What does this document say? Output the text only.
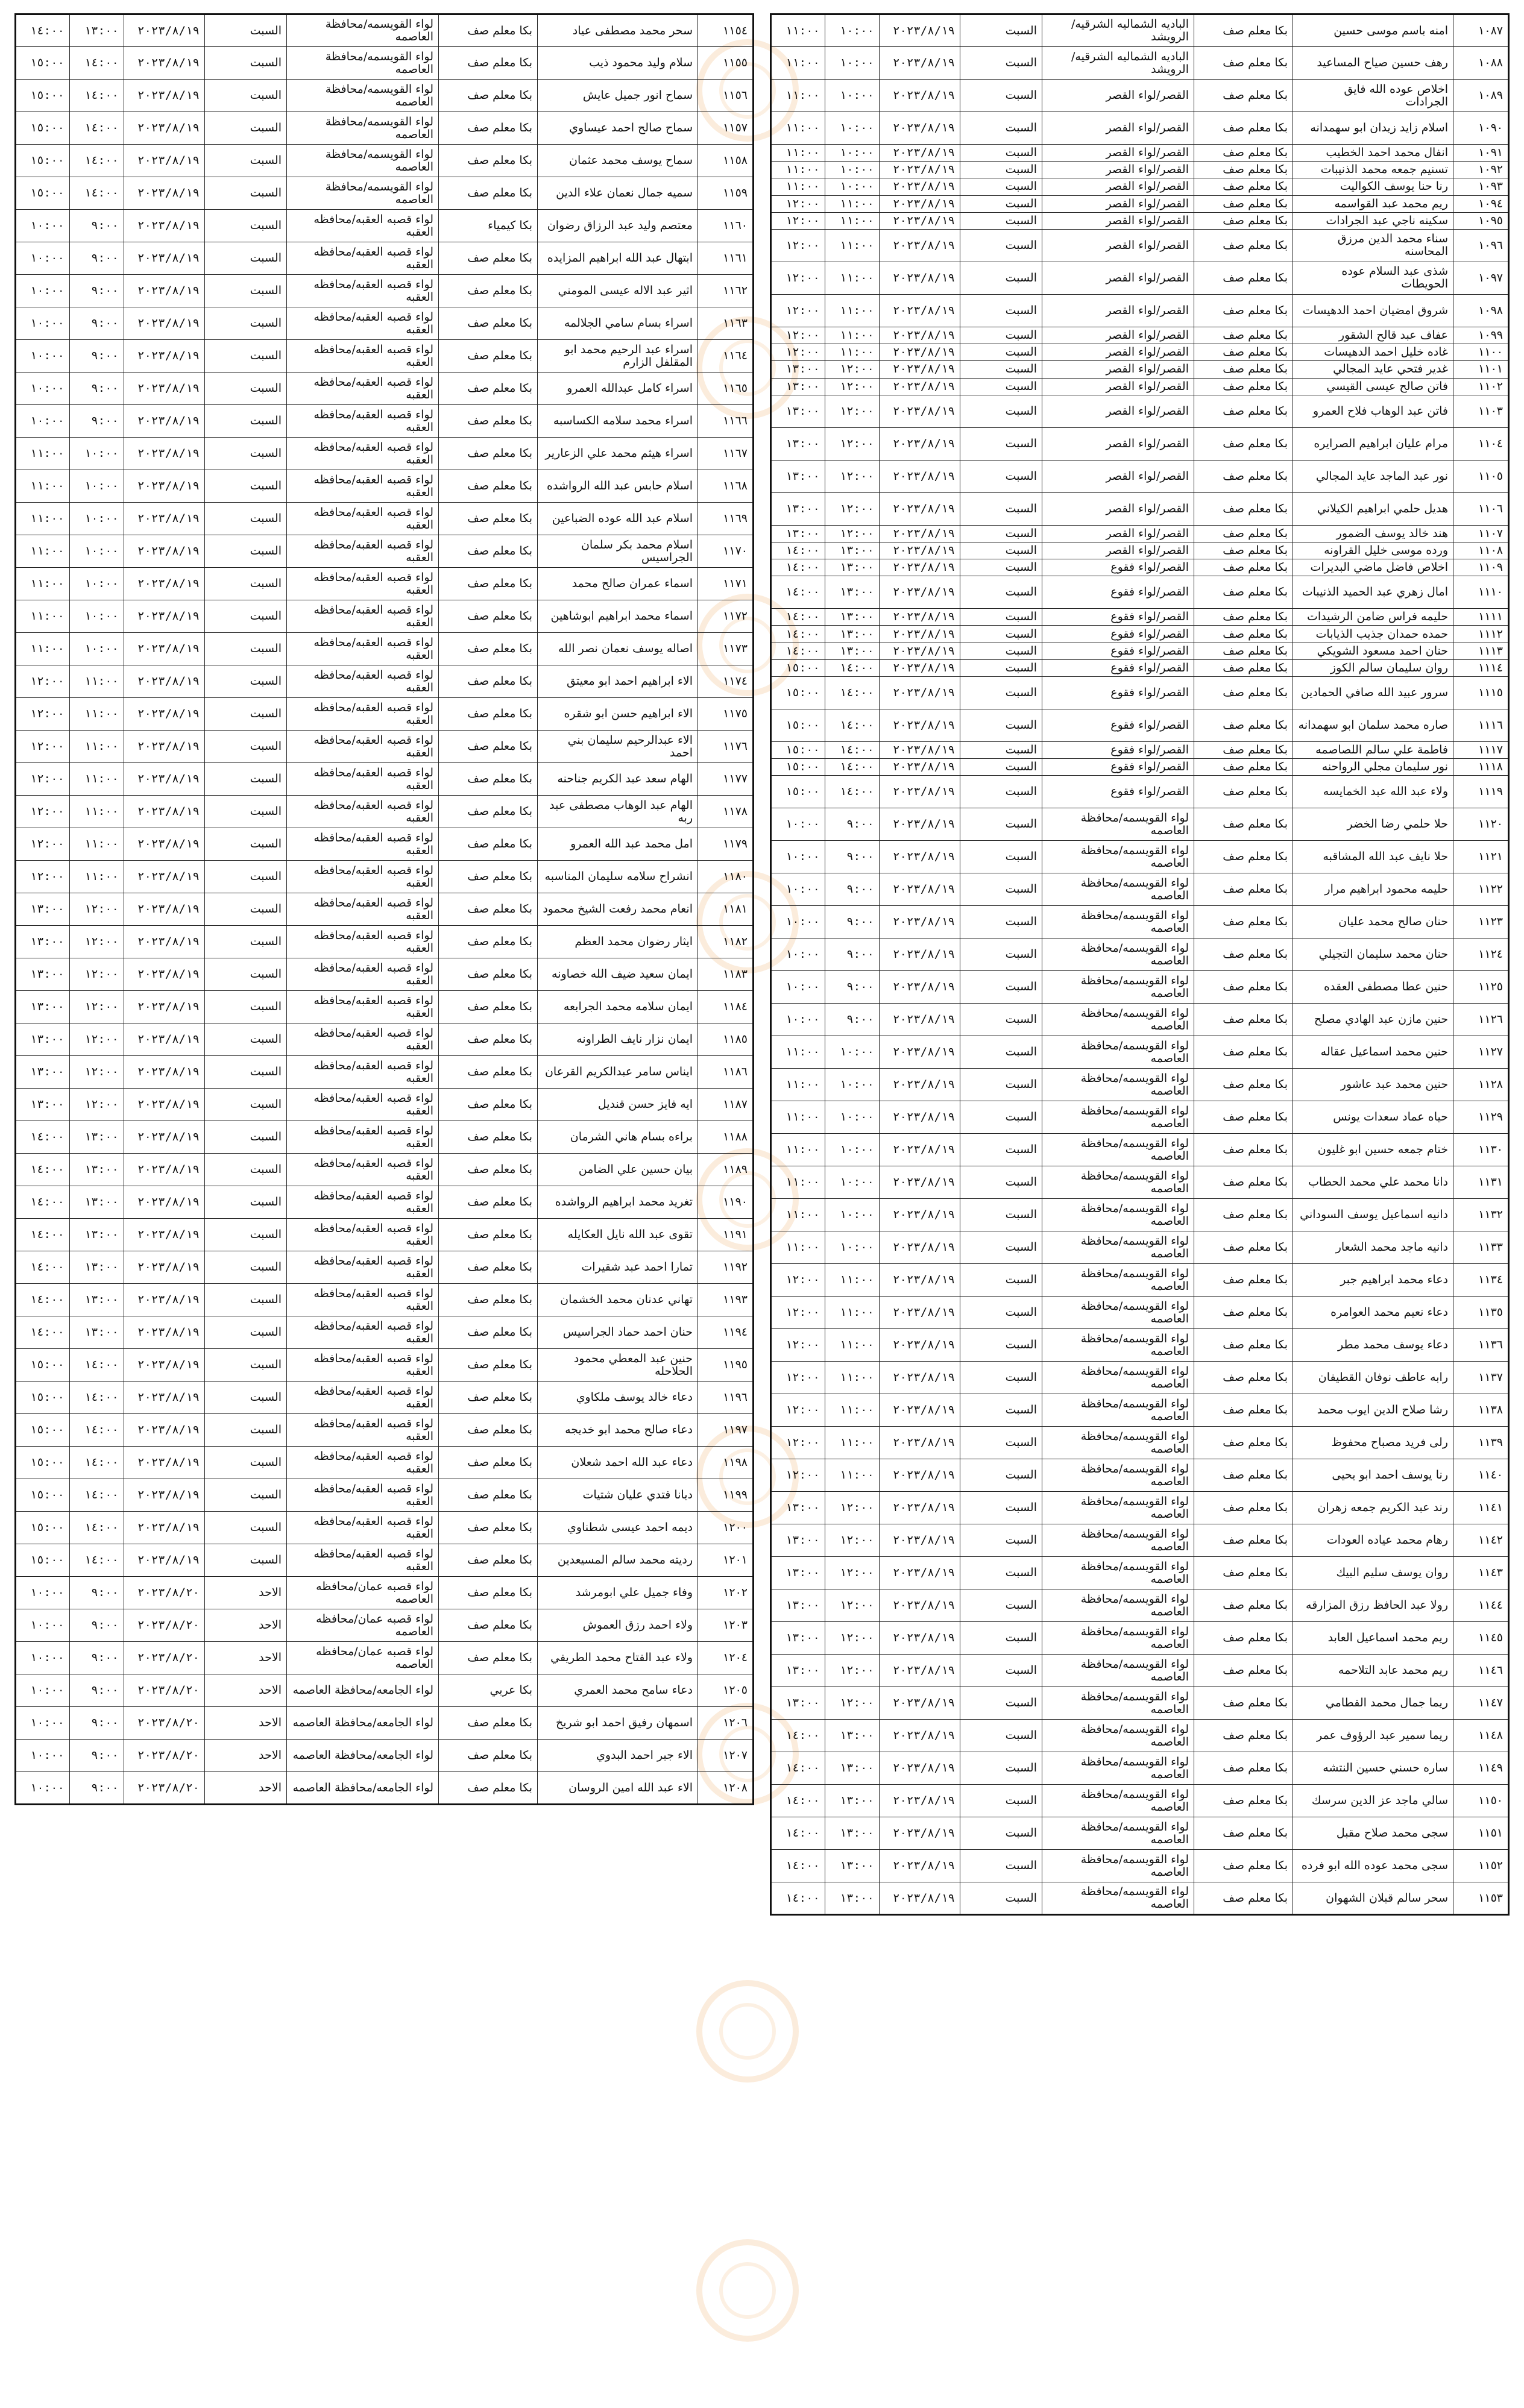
١٠٨٧	امنه باسم موسى حسين	بكا معلم صف	الباديه الشماليه الشرقيه/ الرويشد	السبت	٢٠٢٣/٨/١٩	١٠:٠٠	١١:٠٠
١٠٨٨	رهف حسين صياح المساعيد	بكا معلم صف	الباديه الشماليه الشرقيه/ الرويشد	السبت	٢٠٢٣/٨/١٩	١٠:٠٠	١١:٠٠
١٠٨٩	اخلاص عوده الله فايق الجرادات	بكا معلم صف	القصر/لواء القصر	السبت	٢٠٢٣/٨/١٩	١٠:٠٠	١١:٠٠
١٠٩٠	اسلام زايد زيدان ابو سهمدانه	بكا معلم صف	القصر/لواء القصر	السبت	٢٠٢٣/٨/١٩	١٠:٠٠	١١:٠٠
١٠٩١	انفال محمد احمد الخطيب	بكا معلم صف	القصر/لواء القصر	السبت	٢٠٢٣/٨/١٩	١٠:٠٠	١١:٠٠
١٠٩٢	تسنيم جمعه محمد الذنيبات	بكا معلم صف	القصر/لواء القصر	السبت	٢٠٢٣/٨/١٩	١٠:٠٠	١١:٠٠
١٠٩٣	رنا حنا يوسف الكواليت	بكا معلم صف	القصر/لواء القصر	السبت	٢٠٢٣/٨/١٩	١٠:٠٠	١١:٠٠
١٠٩٤	ريم محمد عبد القواسمه	بكا معلم صف	القصر/لواء القصر	السبت	٢٠٢٣/٨/١٩	١١:٠٠	١٢:٠٠
١٠٩٥	سكينه ناجي عبد الجرادات	بكا معلم صف	القصر/لواء القصر	السبت	٢٠٢٣/٨/١٩	١١:٠٠	١٢:٠٠
١٠٩٦	سناء محمد الدين مرزق المحاسنه	بكا معلم صف	القصر/لواء القصر	السبت	٢٠٢٣/٨/١٩	١١:٠٠	١٢:٠٠
١٠٩٧	شذى عبد السلام عوده الحويطات	بكا معلم صف	القصر/لواء القصر	السبت	٢٠٢٣/٨/١٩	١١:٠٠	١٢:٠٠
١٠٩٨	شروق امضيان احمد الدهيسات	بكا معلم صف	القصر/لواء القصر	السبت	٢٠٢٣/٨/١٩	١١:٠٠	١٢:٠٠
١٠٩٩	عفاف عبد قالح الشقور	بكا معلم صف	القصر/لواء القصر	السبت	٢٠٢٣/٨/١٩	١١:٠٠	١٢:٠٠
١١٠٠	غاده خليل احمد الدهيسات	بكا معلم صف	القصر/لواء القصر	السبت	٢٠٢٣/٨/١٩	١١:٠٠	١٢:٠٠
١١٠١	غدير فتحي عايد المجالي	بكا معلم صف	القصر/لواء القصر	السبت	٢٠٢٣/٨/١٩	١٢:٠٠	١٣:٠٠
١١٠٢	فاتن صالح عيسى القيسي	بكا معلم صف	القصر/لواء القصر	السبت	٢٠٢٣/٨/١٩	١٢:٠٠	١٣:٠٠
١١٠٣	فاتن عبد الوهاب فلاح العمرو	بكا معلم صف	القصر/لواء القصر	السبت	٢٠٢٣/٨/١٩	١٢:٠٠	١٣:٠٠
١١٠٤	مرام عليان ابراهيم الصرايره	بكا معلم صف	القصر/لواء القصر	السبت	٢٠٢٣/٨/١٩	١٢:٠٠	١٣:٠٠
١١٠٥	نور عبد الماجد عايد المجالي	بكا معلم صف	القصر/لواء القصر	السبت	٢٠٢٣/٨/١٩	١٢:٠٠	١٣:٠٠
١١٠٦	هديل حلمي ابراهيم الكيلاني	بكا معلم صف	القصر/لواء القصر	السبت	٢٠٢٣/٨/١٩	١٢:٠٠	١٣:٠٠
١١٠٧	هند خالد يوسف الضمور	بكا معلم صف	القصر/لواء القصر	السبت	٢٠٢٣/٨/١٩	١٢:٠٠	١٣:٠٠
١١٠٨	ورده موسى خليل القراونه	بكا معلم صف	القصر/لواء القصر	السبت	٢٠٢٣/٨/١٩	١٣:٠٠	١٤:٠٠
١١٠٩	اخلاص فاضل ماضي البديرات	بكا معلم صف	القصر/لواء فقوع	السبت	٢٠٢٣/٨/١٩	١٣:٠٠	١٤:٠٠
١١١٠	امال زهري عبد الحميد الذنيبات	بكا معلم صف	القصر/لواء فقوع	السبت	٢٠٢٣/٨/١٩	١٣:٠٠	١٤:٠٠
١١١١	حليمه فراس ضامن الرشيدات	بكا معلم صف	القصر/لواء فقوع	السبت	٢٠٢٣/٨/١٩	١٣:٠٠	١٤:٠٠
١١١٢	حمده حمدان جذيب الذيابات	بكا معلم صف	القصر/لواء فقوع	السبت	٢٠٢٣/٨/١٩	١٣:٠٠	١٤:٠٠
١١١٣	حنان احمد مسعود الشويكي	بكا معلم صف	القصر/لواء فقوع	السبت	٢٠٢٣/٨/١٩	١٣:٠٠	١٤:٠٠
١١١٤	روان سليمان سالم الكوز	بكا معلم صف	القصر/لواء فقوع	السبت	٢٠٢٣/٨/١٩	١٤:٠٠	١٥:٠٠
١١١٥	سرور عبيد الله صافي الحمادين	بكا معلم صف	القصر/لواء فقوع	السبت	٢٠٢٣/٨/١٩	١٤:٠٠	١٥:٠٠
١١١٦	صاره محمد سلمان ابو سهمدانه	بكا معلم صف	القصر/لواء فقوع	السبت	٢٠٢٣/٨/١٩	١٤:٠٠	١٥:٠٠
١١١٧	فاطمة علي سالم اللصاصمه	بكا معلم صف	القصر/لواء فقوع	السبت	٢٠٢٣/٨/١٩	١٤:٠٠	١٥:٠٠
١١١٨	نور سليمان مجلي الرواحنه	بكا معلم صف	القصر/لواء فقوع	السبت	٢٠٢٣/٨/١٩	١٤:٠٠	١٥:٠٠
١١١٩	ولاء عبد الله عبد الخمايسه	بكا معلم صف	القصر/لواء فقوع	السبت	٢٠٢٣/٨/١٩	١٤:٠٠	١٥:٠٠
١١٢٠	حلا حلمي رضا الخضر	بكا معلم صف	لواء القويسمه/محافظة العاصمه	السبت	٢٠٢٣/٨/١٩	٩:٠٠	١٠:٠٠
١١٢١	حلا نايف عبد الله المشاقبه	بكا معلم صف	لواء القويسمه/محافظة العاصمه	السبت	٢٠٢٣/٨/١٩	٩:٠٠	١٠:٠٠
١١٢٢	حليمه محمود ابراهيم مرار	بكا معلم صف	لواء القويسمه/محافظة العاصمه	السبت	٢٠٢٣/٨/١٩	٩:٠٠	١٠:٠٠
١١٢٣	حنان صالح محمد عليان	بكا معلم صف	لواء القويسمه/محافظة العاصمه	السبت	٢٠٢٣/٨/١٩	٩:٠٠	١٠:٠٠
١١٢٤	حنان محمد سليمان التجيلي	بكا معلم صف	لواء القويسمه/محافظة العاصمه	السبت	٢٠٢٣/٨/١٩	٩:٠٠	١٠:٠٠
١١٢٥	حنين عطا مصطفى العقده	بكا معلم صف	لواء القويسمه/محافظة العاصمه	السبت	٢٠٢٣/٨/١٩	٩:٠٠	١٠:٠٠
١١٢٦	حنين مازن عبد الهادي مصلح	بكا معلم صف	لواء القويسمه/محافظة العاصمه	السبت	٢٠٢٣/٨/١٩	٩:٠٠	١٠:٠٠
١١٢٧	حنين محمد اسماعيل عقاله	بكا معلم صف	لواء القويسمه/محافظة العاصمه	السبت	٢٠٢٣/٨/١٩	١٠:٠٠	١١:٠٠
١١٢٨	حنين محمد عبد عاشور	بكا معلم صف	لواء القويسمه/محافظة العاصمه	السبت	٢٠٢٣/٨/١٩	١٠:٠٠	١١:٠٠
١١٢٩	حياه عماد سعدات يونس	بكا معلم صف	لواء القويسمه/محافظة العاصمه	السبت	٢٠٢٣/٨/١٩	١٠:٠٠	١١:٠٠
١١٣٠	ختام جمعه حسين ابو غليون	بكا معلم صف	لواء القويسمه/محافظة العاصمه	السبت	٢٠٢٣/٨/١٩	١٠:٠٠	١١:٠٠
١١٣١	دانا محمد علي محمد الحطاب	بكا معلم صف	لواء القويسمه/محافظة العاصمه	السبت	٢٠٢٣/٨/١٩	١٠:٠٠	١١:٠٠
١١٣٢	دانيه اسماعيل يوسف السوداني	بكا معلم صف	لواء القويسمه/محافظة العاصمه	السبت	٢٠٢٣/٨/١٩	١٠:٠٠	١١:٠٠
١١٣٣	دانيه ماجد محمد الشعار	بكا معلم صف	لواء القويسمه/محافظة العاصمه	السبت	٢٠٢٣/٨/١٩	١٠:٠٠	١١:٠٠
١١٣٤	دعاء محمد ابراهيم جبر	بكا معلم صف	لواء القويسمه/محافظة العاصمه	السبت	٢٠٢٣/٨/١٩	١١:٠٠	١٢:٠٠
١١٣٥	دعاء نعيم محمد العوامره	بكا معلم صف	لواء القويسمه/محافظة العاصمه	السبت	٢٠٢٣/٨/١٩	١١:٠٠	١٢:٠٠
١١٣٦	دعاء يوسف محمد مطر	بكا معلم صف	لواء القويسمه/محافظة العاصمه	السبت	٢٠٢٣/٨/١٩	١١:٠٠	١٢:٠٠
١١٣٧	رابه عاطف نوفان القطيفان	بكا معلم صف	لواء القويسمه/محافظة العاصمه	السبت	٢٠٢٣/٨/١٩	١١:٠٠	١٢:٠٠
١١٣٨	رشا صلاح الدين ايوب محمد	بكا معلم صف	لواء القويسمه/محافظة العاصمه	السبت	٢٠٢٣/٨/١٩	١١:٠٠	١٢:٠٠
١١٣٩	رلى فريد مصباح محفوظ	بكا معلم صف	لواء القويسمه/محافظة العاصمه	السبت	٢٠٢٣/٨/١٩	١١:٠٠	١٢:٠٠
١١٤٠	رنا يوسف احمد ابو يحيى	بكا معلم صف	لواء القويسمه/محافظة العاصمه	السبت	٢٠٢٣/٨/١٩	١١:٠٠	١٢:٠٠
١١٤١	رند عبد الكريم جمعه زهران	بكا معلم صف	لواء القويسمه/محافظة العاصمه	السبت	٢٠٢٣/٨/١٩	١٢:٠٠	١٣:٠٠
١١٤٢	رهام محمد عياده العودات	بكا معلم صف	لواء القويسمه/محافظة العاصمه	السبت	٢٠٢٣/٨/١٩	١٢:٠٠	١٣:٠٠
١١٤٣	روان يوسف سليم البيك	بكا معلم صف	لواء القويسمه/محافظة العاصمه	السبت	٢٠٢٣/٨/١٩	١٢:٠٠	١٣:٠٠
١١٤٤	رولا عبد الحافظ رزق المزارقه	بكا معلم صف	لواء القويسمه/محافظة العاصمه	السبت	٢٠٢٣/٨/١٩	١٢:٠٠	١٣:٠٠
١١٤٥	ريم محمد اسماعيل العابد	بكا معلم صف	لواء القويسمه/محافظة العاصمه	السبت	٢٠٢٣/٨/١٩	١٢:٠٠	١٣:٠٠
١١٤٦	ريم محمد عابد التلاحمه	بكا معلم صف	لواء القويسمه/محافظة العاصمه	السبت	٢٠٢٣/٨/١٩	١٢:٠٠	١٣:٠٠
١١٤٧	ريما جمال محمد القطامي	بكا معلم صف	لواء القويسمه/محافظة العاصمه	السبت	٢٠٢٣/٨/١٩	١٢:٠٠	١٣:٠٠
١١٤٨	ريما سمير عبد الرؤوف عمر	بكا معلم صف	لواء القويسمه/محافظة العاصمه	السبت	٢٠٢٣/٨/١٩	١٣:٠٠	١٤:٠٠
١١٤٩	ساره حسني حسين النتشه	بكا معلم صف	لواء القويسمه/محافظة العاصمه	السبت	٢٠٢٣/٨/١٩	١٣:٠٠	١٤:٠٠
١١٥٠	سالي ماجد عز الدين سرسك	بكا معلم صف	لواء القويسمه/محافظة العاصمه	السبت	٢٠٢٣/٨/١٩	١٣:٠٠	١٤:٠٠
١١٥١	سجى محمد صلاح مقبل	بكا معلم صف	لواء القويسمه/محافظة العاصمه	السبت	٢٠٢٣/٨/١٩	١٣:٠٠	١٤:٠٠
١١٥٢	سجى محمد عوده الله ابو فرده	بكا معلم صف	لواء القويسمه/محافظة العاصمه	السبت	٢٠٢٣/٨/١٩	١٣:٠٠	١٤:٠٠
١١٥٣	سحر سالم قبلان الشهوان	بكا معلم صف	لواء القويسمه/محافظة العاصمه	السبت	٢٠٢٣/٨/١٩	١٣:٠٠	١٤:٠٠
١١٥٤	سحر محمد مصطفى عياد	بكا معلم صف	لواء القويسمه/محافظة العاصمه	السبت	٢٠٢٣/٨/١٩	١٣:٠٠	١٤:٠٠
١١٥٥	سلام وليد محمود ذيب	بكا معلم صف	لواء القويسمه/محافظة العاصمه	السبت	٢٠٢٣/٨/١٩	١٤:٠٠	١٥:٠٠
١١٥٦	سماح انور جميل عايش	بكا معلم صف	لواء القويسمه/محافظة العاصمه	السبت	٢٠٢٣/٨/١٩	١٤:٠٠	١٥:٠٠
١١٥٧	سماح صالح احمد عيساوي	بكا معلم صف	لواء القويسمه/محافظة العاصمه	السبت	٢٠٢٣/٨/١٩	١٤:٠٠	١٥:٠٠
١١٥٨	سماح يوسف محمد عثمان	بكا معلم صف	لواء القويسمه/محافظة العاصمه	السبت	٢٠٢٣/٨/١٩	١٤:٠٠	١٥:٠٠
١١٥٩	سميه جمال نعمان علاء الدين	بكا معلم صف	لواء القويسمه/محافظة العاصمه	السبت	٢٠٢٣/٨/١٩	١٤:٠٠	١٥:٠٠
١١٦٠	معتصم وليد عبد الرزاق رضوان	بكا كيمياء	لواء قصبه العقبه/محافظه العقبه	السبت	٢٠٢٣/٨/١٩	٩:٠٠	١٠:٠٠
١١٦١	ابتهال عبد الله ابراهيم المزايده	بكا معلم صف	لواء قصبه العقبه/محافظه العقبه	السبت	٢٠٢٣/٨/١٩	٩:٠٠	١٠:٠٠
١١٦٢	اثير عبد الاله عيسى المومني	بكا معلم صف	لواء قصبه العقبه/محافظه العقبه	السبت	٢٠٢٣/٨/١٩	٩:٠٠	١٠:٠٠
١١٦٣	اسراء بسام سامي الجلالمه	بكا معلم صف	لواء قصبه العقبه/محافظه العقبه	السبت	٢٠٢٣/٨/١٩	٩:٠٠	١٠:٠٠
١١٦٤	اسراء عبد الرحيم محمد ابو المقلفل الزارم	بكا معلم صف	لواء قصبه العقبه/محافظه العقبه	السبت	٢٠٢٣/٨/١٩	٩:٠٠	١٠:٠٠
١١٦٥	اسراء كامل عبدالله العمرو	بكا معلم صف	لواء قصبه العقبه/محافظه العقبه	السبت	٢٠٢٣/٨/١٩	٩:٠٠	١٠:٠٠
١١٦٦	اسراء محمد سلامه الكساسبه	بكا معلم صف	لواء قصبه العقبه/محافظه العقبه	السبت	٢٠٢٣/٨/١٩	٩:٠٠	١٠:٠٠
١١٦٧	اسراء هيثم محمد علي الزعارير	بكا معلم صف	لواء قصبه العقبه/محافظه العقبه	السبت	٢٠٢٣/٨/١٩	١٠:٠٠	١١:٠٠
١١٦٨	اسلام حابس عبد الله الرواشده	بكا معلم صف	لواء قصبه العقبه/محافظه العقبه	السبت	٢٠٢٣/٨/١٩	١٠:٠٠	١١:٠٠
١١٦٩	اسلام عبد الله عوده الضباعين	بكا معلم صف	لواء قصبه العقبه/محافظه العقبه	السبت	٢٠٢٣/٨/١٩	١٠:٠٠	١١:٠٠
١١٧٠	اسلام محمد بكر سلمان الجراسيس	بكا معلم صف	لواء قصبه العقبه/محافظه العقبه	السبت	٢٠٢٣/٨/١٩	١٠:٠٠	١١:٠٠
١١٧١	اسماء عمران صالح محمد	بكا معلم صف	لواء قصبه العقبه/محافظه العقبه	السبت	٢٠٢٣/٨/١٩	١٠:٠٠	١١:٠٠
١١٧٢	اسماء محمد ابراهيم ابوشاهين	بكا معلم صف	لواء قصبه العقبه/محافظه العقبه	السبت	٢٠٢٣/٨/١٩	١٠:٠٠	١١:٠٠
١١٧٣	اصاله يوسف نعمان نصر الله	بكا معلم صف	لواء قصبه العقبه/محافظه العقبه	السبت	٢٠٢٣/٨/١٩	١٠:٠٠	١١:٠٠
١١٧٤	الاء ابراهيم احمد ابو معيتق	بكا معلم صف	لواء قصبه العقبه/محافظه العقبه	السبت	٢٠٢٣/٨/١٩	١١:٠٠	١٢:٠٠
١١٧٥	الاء ابراهيم حسن ابو شقره	بكا معلم صف	لواء قصبه العقبه/محافظه العقبه	السبت	٢٠٢٣/٨/١٩	١١:٠٠	١٢:٠٠
١١٧٦	الاء عبدالرحيم سليمان بني احمد	بكا معلم صف	لواء قصبه العقبه/محافظه العقبه	السبت	٢٠٢٣/٨/١٩	١١:٠٠	١٢:٠٠
١١٧٧	الهام سعد عبد الكريم جناحنه	بكا معلم صف	لواء قصبه العقبه/محافظه العقبه	السبت	٢٠٢٣/٨/١٩	١١:٠٠	١٢:٠٠
١١٧٨	الهام عبد الوهاب مصطفى عبد ربه	بكا معلم صف	لواء قصبه العقبه/محافظه العقبه	السبت	٢٠٢٣/٨/١٩	١١:٠٠	١٢:٠٠
١١٧٩	امل محمد عبد الله العمرو	بكا معلم صف	لواء قصبه العقبه/محافظه العقبه	السبت	٢٠٢٣/٨/١٩	١١:٠٠	١٢:٠٠
١١٨٠	انشراح سلامه سليمان المناسبه	بكا معلم صف	لواء قصبه العقبه/محافظه العقبه	السبت	٢٠٢٣/٨/١٩	١١:٠٠	١٢:٠٠
١١٨١	انعام محمد رفعت الشيخ محمود	بكا معلم صف	لواء قصبه العقبه/محافظه العقبه	السبت	٢٠٢٣/٨/١٩	١٢:٠٠	١٣:٠٠
١١٨٢	ايثار رضوان محمد العظم	بكا معلم صف	لواء قصبه العقبه/محافظه العقبه	السبت	٢٠٢٣/٨/١٩	١٢:٠٠	١٣:٠٠
١١٨٣	ايمان سعيد ضيف الله خصاونه	بكا معلم صف	لواء قصبه العقبه/محافظه العقبه	السبت	٢٠٢٣/٨/١٩	١٢:٠٠	١٣:٠٠
١١٨٤	ايمان سلامه محمد الجرابعه	بكا معلم صف	لواء قصبه العقبه/محافظه العقبه	السبت	٢٠٢٣/٨/١٩	١٢:٠٠	١٣:٠٠
١١٨٥	ايمان نزار نايف الطراونه	بكا معلم صف	لواء قصبه العقبه/محافظه العقبه	السبت	٢٠٢٣/٨/١٩	١٢:٠٠	١٣:٠٠
١١٨٦	ايناس سامر عبدالكريم القرعان	بكا معلم صف	لواء قصبه العقبه/محافظه العقبه	السبت	٢٠٢٣/٨/١٩	١٢:٠٠	١٣:٠٠
١١٨٧	ايه فايز حسن قنديل	بكا معلم صف	لواء قصبه العقبه/محافظه العقبه	السبت	٢٠٢٣/٨/١٩	١٢:٠٠	١٣:٠٠
١١٨٨	براءه بسام هاني الشرمان	بكا معلم صف	لواء قصبه العقبه/محافظه العقبه	السبت	٢٠٢٣/٨/١٩	١٣:٠٠	١٤:٠٠
١١٨٩	بيان حسين علي الضامن	بكا معلم صف	لواء قصبه العقبه/محافظه العقبه	السبت	٢٠٢٣/٨/١٩	١٣:٠٠	١٤:٠٠
١١٩٠	تغريد محمد ابراهيم الرواشده	بكا معلم صف	لواء قصبه العقبه/محافظه العقبه	السبت	٢٠٢٣/٨/١٩	١٣:٠٠	١٤:٠٠
١١٩١	تقوى عبد الله نايل العكايله	بكا معلم صف	لواء قصبه العقبه/محافظه العقبه	السبت	٢٠٢٣/٨/١٩	١٣:٠٠	١٤:٠٠
١١٩٢	تمارا احمد عبد شقيرات	بكا معلم صف	لواء قصبه العقبه/محافظه العقبه	السبت	٢٠٢٣/٨/١٩	١٣:٠٠	١٤:٠٠
١١٩٣	تهاني عدنان محمد الخشمان	بكا معلم صف	لواء قصبه العقبه/محافظه العقبه	السبت	٢٠٢٣/٨/١٩	١٣:٠٠	١٤:٠٠
١١٩٤	حنان احمد حماد الجراسيس	بكا معلم صف	لواء قصبه العقبه/محافظه العقبه	السبت	٢٠٢٣/٨/١٩	١٣:٠٠	١٤:٠٠
١١٩٥	حنين عبد المعطي محمود الحلاحله	بكا معلم صف	لواء قصبه العقبه/محافظه العقبه	السبت	٢٠٢٣/٨/١٩	١٤:٠٠	١٥:٠٠
١١٩٦	دعاء خالد يوسف ملكاوي	بكا معلم صف	لواء قصبه العقبه/محافظه العقبه	السبت	٢٠٢٣/٨/١٩	١٤:٠٠	١٥:٠٠
١١٩٧	دعاء صالح محمد ابو خديجه	بكا معلم صف	لواء قصبه العقبه/محافظه العقبه	السبت	٢٠٢٣/٨/١٩	١٤:٠٠	١٥:٠٠
١١٩٨	دعاء عبد الله احمد شعلان	بكا معلم صف	لواء قصبه العقبه/محافظه العقبه	السبت	٢٠٢٣/٨/١٩	١٤:٠٠	١٥:٠٠
١١٩٩	ديانا فتدي عليان شتيات	بكا معلم صف	لواء قصبه العقبه/محافظه العقبه	السبت	٢٠٢٣/٨/١٩	١٤:٠٠	١٥:٠٠
١٢٠٠	ديمه احمد عيسى شطناوي	بكا معلم صف	لواء قصبه العقبه/محافظه العقبه	السبت	٢٠٢٣/٨/١٩	١٤:٠٠	١٥:٠٠
١٢٠١	رديته محمد سالم المسيعدين	بكا معلم صف	لواء قصبه العقبه/محافظه العقبه	السبت	٢٠٢٣/٨/١٩	١٤:٠٠	١٥:٠٠
١٢٠٢	وفاء جميل علي ابومرشد	بكا معلم صف	لواء قصبه عمان/محافظه العاصمه	الاحد	٢٠٢٣/٨/٢٠	٩:٠٠	١٠:٠٠
١٢٠٣	ولاء احمد رزق العموش	بكا معلم صف	لواء قصبه عمان/محافظه العاصمه	الاحد	٢٠٢٣/٨/٢٠	٩:٠٠	١٠:٠٠
١٢٠٤	ولاء عبد الفتاح محمد الطريفي	بكا معلم صف	لواء قصبه عمان/محافظه العاصمه	الاحد	٢٠٢٣/٨/٢٠	٩:٠٠	١٠:٠٠
١٢٠٥	دعاء سامح محمد العمري	بكا عربي	لواء الجامعه/محافظة العاصمه	الاحد	٢٠٢٣/٨/٢٠	٩:٠٠	١٠:٠٠
١٢٠٦	اسمهان رفيق احمد ابو شريخ	بكا معلم صف	لواء الجامعه/محافظة العاصمه	الاحد	٢٠٢٣/٨/٢٠	٩:٠٠	١٠:٠٠
١٢٠٧	الاء جبر احمد البدوي	بكا معلم صف	لواء الجامعه/محافظة العاصمه	الاحد	٢٠٢٣/٨/٢٠	٩:٠٠	١٠:٠٠
١٢٠٨	الاء عبد الله امين الروسان	بكا معلم صف	لواء الجامعه/محافظة العاصمه	الاحد	٢٠٢٣/٨/٢٠	٩:٠٠	١٠:٠٠
